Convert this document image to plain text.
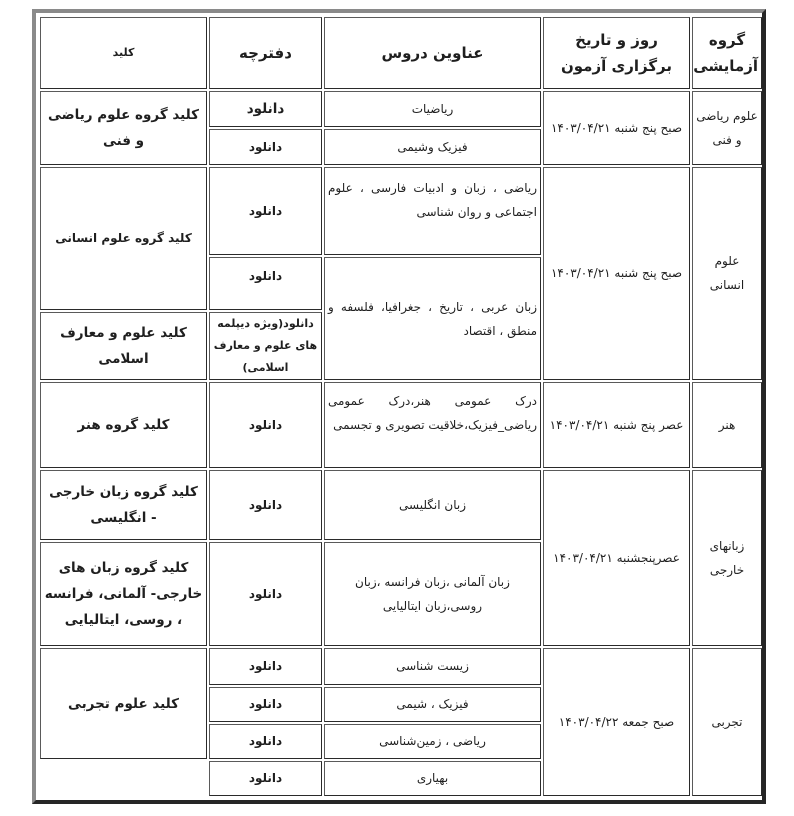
گروه آزمایشی	روز و تاریخ برگزاری آزمون	عناوین دروس	دفترچه	کلید
علوم ریاضی و فنی	صبح پنج شنبه ۱۴۰۳/۰۴/۲۱	ریاضیات	دانلود	کلید گروه علوم ریاضی و فنی
		فیزیک وشیمی	دانلود	
علوم انسانی	صبح پنج شنبه ۱۴۰۳/۰۴/۲۱	ریاضی ، زبان و ادبیات فارسی ، علوم اجتماعی و روان شناسی	دانلود	کلید گروه علوم انسانی
		زبان عربی ، تاریخ ، جغرافیا، فلسفه و منطق ، اقتصاد	دانلود	
			دانلود(ویژه دیپلمه های علوم و معارف اسلامی)	کلید علوم و معارف اسلامی
هنر	عصر پنج شنبه ۱۴۰۳/۰۴/۲۱	درک عمومی هنر،درک عمومی ریاضی_فیزیک،خلاقیت تصویری و تجسمی	دانلود	کلید گروه هنر
زبانهای خارجی	عصرپنجشنبه ۱۴۰۳/۰۴/۲۱	زبان انگلیسی	دانلود	کلید گروه زبان خارجی - انگلیسی
		زبان آلمانی ،زبان فرانسه ،زبان روسی،زبان ایتالیایی	دانلود	کلید گروه زبان های خارجی- آلمانی، فرانسه ، روسی، ایتالیایی
تجربی	صبح جمعه ۱۴۰۳/۰۴/۲۲	زیست شناسی	دانلود	کلید علوم تجربی
		فیزیک ، شیمی	دانلود	
		ریاضی ، زمین‌شناسی	دانلود	
		بهیاری	دانلود	
